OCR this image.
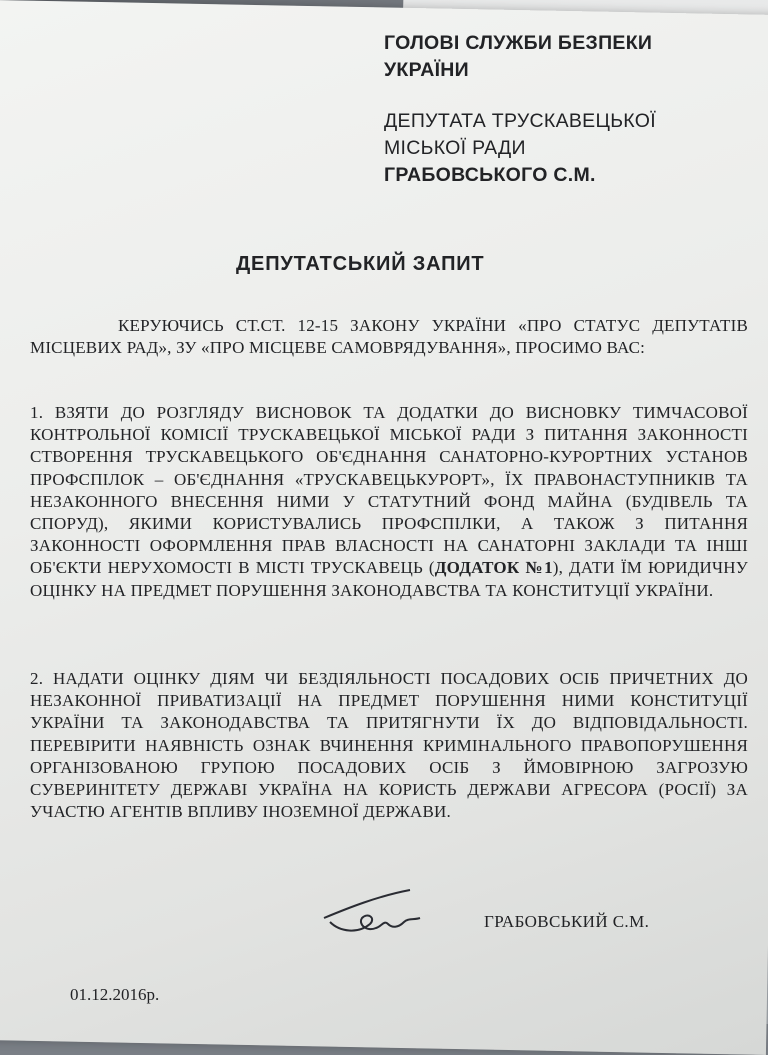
ГОЛОВІ СЛУЖБИ БЕЗПЕКИ
УКРАЇНИ
ДЕПУТАТА ТРУСКАВЕЦЬКОЇ
МІСЬКОЇ РАДИ
ГРАБОВСЬКОГО С.М.
ДЕПУТАТСЬКИЙ ЗАПИТ
КЕРУЮЧИСЬ СТ.СТ. 12-15 ЗАКОНУ УКРАЇНИ «ПРО СТАТУС ДЕПУТАТІВ МІСЦЕВИХ РАД», ЗУ «ПРО МІСЦЕВЕ САМОВРЯДУВАННЯ», ПРОСИМО ВАС:
1. ВЗЯТИ ДО РОЗГЛЯДУ ВИСНОВОК ТА ДОДАТКИ ДО ВИСНОВКУ ТИМЧАСОВОЇ КОНТРОЛЬНОЇ КОМІСІЇ ТРУСКАВЕЦЬКОЇ МІСЬКОЇ РАДИ З ПИТАННЯ ЗАКОННОСТІ СТВОРЕННЯ ТРУСКАВЕЦЬКОГО ОБ'ЄДНАННЯ САНАТОРНО-КУРОРТНИХ УСТАНОВ ПРОФСПІЛОК – ОБ'ЄДНАННЯ «ТРУСКАВЕЦЬКУРОРТ», ЇХ ПРАВОНАСТУПНИКІВ ТА НЕЗАКОННОГО ВНЕСЕННЯ НИМИ У СТАТУТНИЙ ФОНД МАЙНА (БУДІВЕЛЬ ТА СПОРУД), ЯКИМИ КОРИСТУВАЛИСЬ ПРОФСПІЛКИ, А ТАКОЖ З ПИТАННЯ ЗАКОННОСТІ ОФОРМЛЕННЯ ПРАВ ВЛАСНОСТІ НА САНАТОРНІ ЗАКЛАДИ ТА ІНШІ ОБ'ЄКТИ НЕРУХОМОСТІ В МІСТІ ТРУСКАВЕЦЬ (ДОДАТОК №1), ДАТИ ЇМ ЮРИДИЧНУ ОЦІНКУ НА ПРЕДМЕТ ПОРУШЕННЯ ЗАКОНОДАВСТВА ТА КОНСТИТУЦІЇ УКРАЇНИ.
2. НАДАТИ ОЦІНКУ ДІЯМ ЧИ БЕЗДІЯЛЬНОСТІ ПОСАДОВИХ ОСІБ ПРИЧЕТНИХ ДО НЕЗАКОННОЇ ПРИВАТИЗАЦІЇ НА ПРЕДМЕТ ПОРУШЕННЯ НИМИ КОНСТИТУЦІЇ УКРАЇНИ ТА ЗАКОНОДАВСТВА ТА ПРИТЯГНУТИ ЇХ ДО ВІДПОВІДАЛЬНОСТІ. ПЕРЕВІРИТИ НАЯВНІСТЬ ОЗНАК ВЧИНЕННЯ КРИМІНАЛЬНОГО ПРАВОПОРУШЕННЯ ОРГАНІЗОВАНОЮ ГРУПОЮ ПОСАДОВИХ ОСІБ З ЙМОВІРНОЮ ЗАГРОЗУЮ СУВЕРИНІТЕТУ ДЕРЖАВІ УКРАЇНА НА КОРИСТЬ ДЕРЖАВИ АГРЕСОРА (РОСІЇ) ЗА УЧАСТЮ АГЕНТІВ ВПЛИВУ ІНОЗЕМНОЇ ДЕРЖАВИ.
ГРАБОВСЬКИЙ С.М.
01.12.2016р.
